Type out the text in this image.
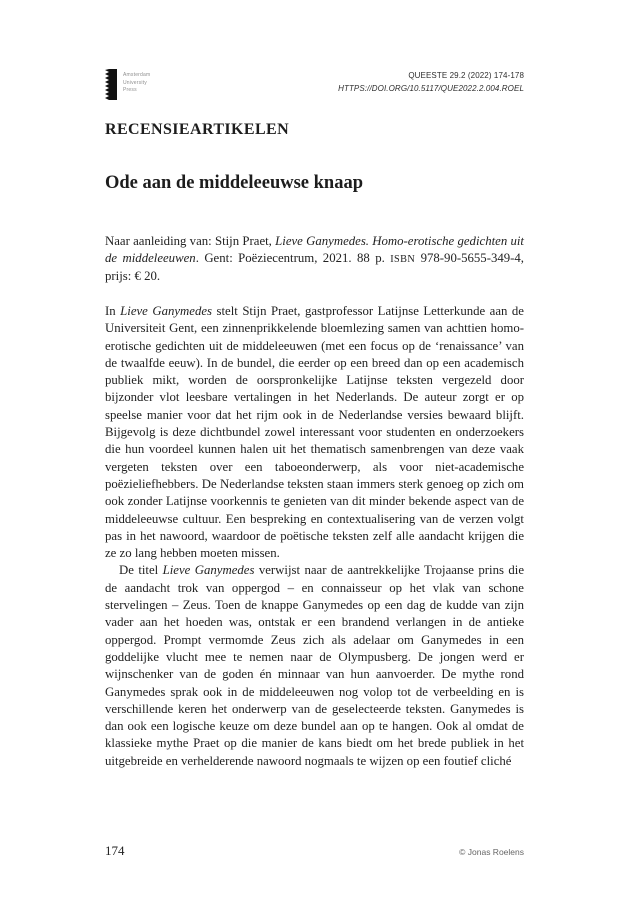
Amsterdam
University
Press
QUEESTE 29.2 (2022) 174-178
HTTPS://DOI.ORG/10.5117/QUE2022.2.004.ROEL
RECENSIEARTIKELEN
Ode aan de middeleeuwse knaap

Naar aanleiding van: Stijn Praet, Lieve Ganymedes. Homo-erotische gedichten uit de middeleeuwen. Gent: Poëziecentrum, 2021. 88 p. ISBN 978-90-5655-349-4, prijs: € 20.

In Lieve Ganymedes stelt Stijn Praet, gastprofessor Latijnse Letterkunde aan de Universiteit Gent, een zinnenprikkelende bloemlezing samen van achttien homo-erotische gedichten uit de middeleeuwen (met een focus op de ‘renaissance’ van de twaalfde eeuw). In de bundel, die eerder op een breed dan op een academisch publiek mikt, worden de oorspronkelijke Latijnse teksten vergezeld door bijzonder vlot leesbare vertalingen in het Nederlands. De auteur zorgt er op speelse manier voor dat het rijm ook in de Nederlandse versies bewaard blijft. Bijgevolg is deze dichtbundel zowel interessant voor studenten en onderzoekers die hun voordeel kunnen halen uit het thematisch samenbrengen van deze vaak vergeten teksten over een taboeonderwerp, als voor niet-academische poëzieliefhebbers. De Nederlandse teksten staan immers sterk genoeg op zich om ook zonder Latijnse voorkennis te genieten van dit minder bekende aspect van de middeleeuwse cultuur. Een bespreking en contextualisering van de verzen volgt pas in het nawoord, waardoor de poëtische teksten zelf alle aandacht krijgen die ze zo lang hebben moeten missen.

De titel Lieve Ganymedes verwijst naar de aantrekkelijke Trojaanse prins die de aandacht trok van oppergod – en connaisseur op het vlak van schone stervelingen – Zeus. Toen de knappe Ganymedes op een dag de kudde van zijn vader aan het hoeden was, ontstak er een brandend verlangen in de antieke oppergod. Prompt vermomde Zeus zich als adelaar om Ganymedes in een goddelijke vlucht mee te nemen naar de Olympusberg. De jongen werd er wijnschenker van de goden én minnaar van hun aanvoerder. De mythe rond Ganymedes sprak ook in de middeleeuwen nog volop tot de verbeelding en is verschillende keren het onderwerp van de geselecteerde teksten. Ganymedes is dan ook een logische keuze om deze bundel aan op te hangen. Ook al omdat de klassieke mythe Praet op die manier de kans biedt om het brede publiek in het uitgebreide en verhelderende nawoord nogmaals te wijzen op een foutief cliché

174	© Jonas Roelens
